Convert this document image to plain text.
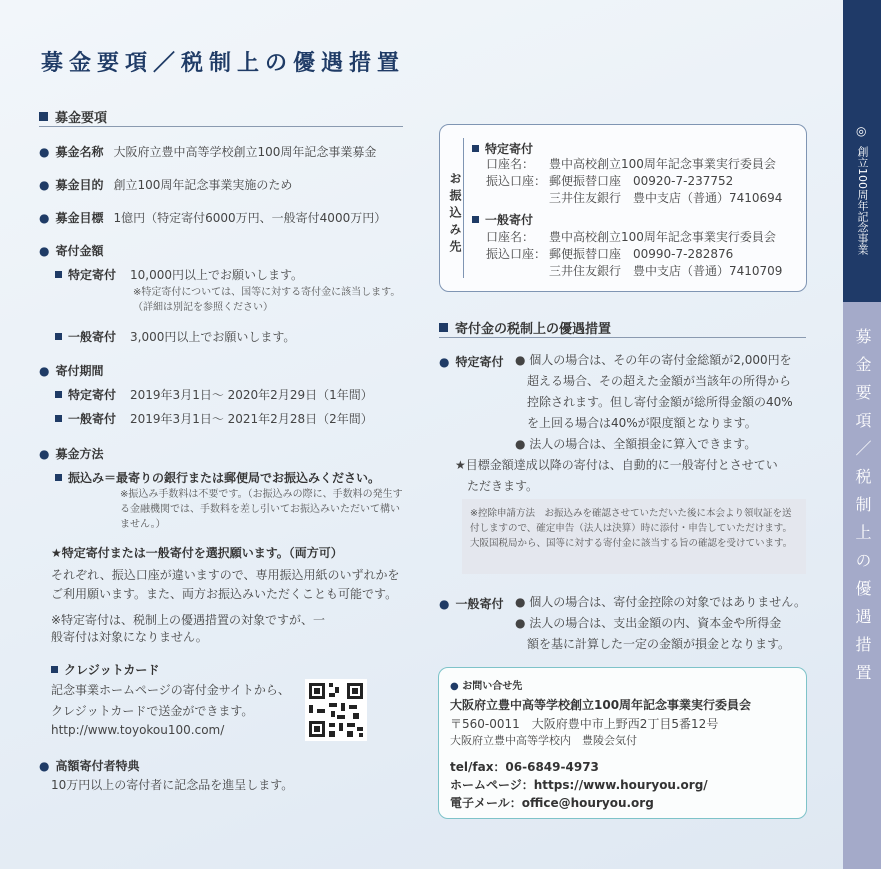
募金要項／税制上の優遇措置
募金要項
● 募金名称 大阪府立豊中高等学校創立100周年記念事業募金
● 募金目的 創立100周年記念事業実施のため
● 募金目標 1億円（特定寄付6000万円、一般寄付4000万円）
● 寄付金額
特定寄付 10,000円以上でお願いします。
※特定寄付については、国等に対する寄付金に該当します。（詳細は別記を参照ください）
一般寄付 3,000円以上でお願いします。
● 寄付期間
特定寄付 2019年3月1日～ 2020年2月29日（1年間）
一般寄付 2019年3月1日～ 2021年2月28日（2年間）
● 募金方法
振込み＝最寄りの銀行または郵便局でお振込みください。
※振込み手数料は不要です。（お振込みの際に、手数料の発生する金融機関では、手数料を差し引いてお振込みいただいて構いません。）
★特定寄付または一般寄付を選択願います。（両方可）
それぞれ、振込口座が違いますので、専用振込用紙のいずれかをご利用願います。また、両方お振込みいただくことも可能です。
※特定寄付は、税制上の優遇措置の対象ですが、一般寄付は対象になりません。
クレジットカード
記念事業ホームページの寄付金サイトから、
クレジットカードで送金ができます。
http://www.toyokou100.com/
● 高額寄付者特典
10万円以上の寄付者に記念品を進呈します。
お振込み先
特定寄付
口座名： 豊中高校創立100周年記念事業実行委員会
振込口座： 郵便振替口座　00920-7-237752
三井住友銀行　豊中支店（普通）7410694
一般寄付
口座名： 豊中高校創立100周年記念事業実行委員会
振込口座： 郵便振替口座　00990-7-282876
三井住友銀行　豊中支店（普通）7410709
寄付金の税制上の優遇措置
● 特定寄付 ● 個人の場合は、その年の寄付金総額が2,000円を
超える場合、その超えた金額が当該年の所得から
控除されます。但し寄付金額が総所得金額の40%
を上回る場合は40%が限度額となります。
● 法人の場合は、全額損金に算入できます。
★目標金額達成以降の寄付は、自動的に一般寄付とさせてい
ただきます。
※控除申請方法　お振込みを確認させていただいた後に本会より領収証を送付しますので、確定申告（法人は決算）時に添付・申告していただけます。大阪国税局から、国等に対する寄付金に該当する旨の確認を受けています。
● 一般寄付 ● 個人の場合は、寄付金控除の対象ではありません。
● 法人の場合は、支出金額の内、資本金や所得金
額を基に計算した一定の金額が損金となります。
● お問い合せ先
大阪府立豊中高等学校創立100周年記念事業実行委員会
〒560-0011　大阪府豊中市上野西2丁目5番12号
大阪府立豊中高等学校内　豊陵会気付
tel/fax：06-6849-4973
ホームページ：https://www.houryou.org/
電子メール：office@houryou.org
◎
創立100周年記念事業
募金要項／税制上の優遇措置
